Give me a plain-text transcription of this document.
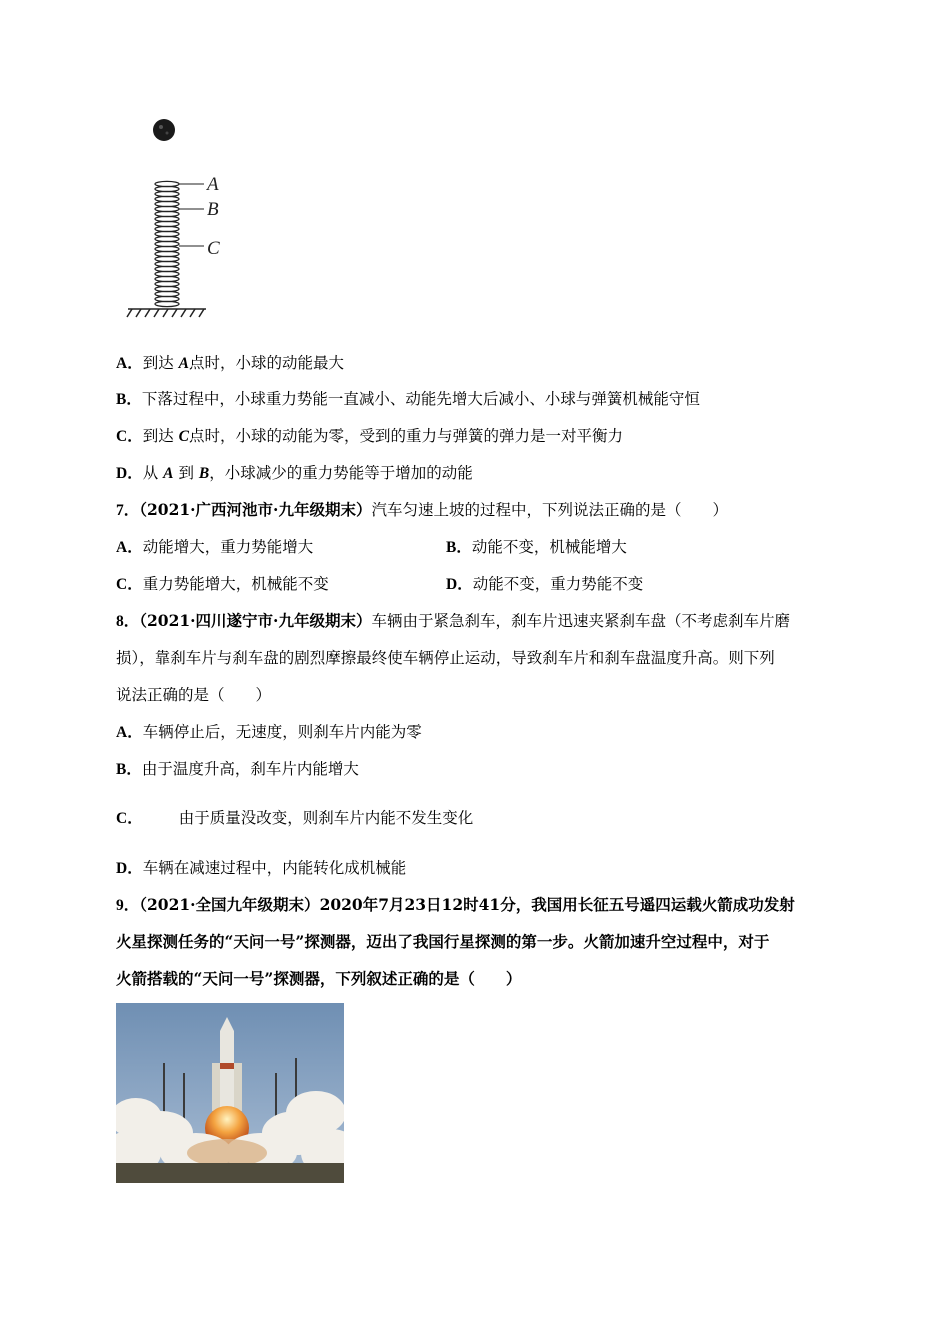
A
B
C
A．到达 A点时，小球的动能最大
B．下落过程中，小球重力势能一直减小、动能先增大后减小、小球与弹簧机械能守恒
C．到达 C点时，小球的动能为零，受到的重力与弹簧的弹力是一对平衡力
D．从 A 到 B，小球减少的重力势能等于增加的动能
7．（2021·广西河池市·九年级期末）汽车匀速上坡的过程中，下列说法正确的是（　　）
A．动能增大，重力势能增大	B．动能不变，机械能增大
C．重力势能增大，机械能不变	D．动能不变，重力势能不变
8．（2021·四川遂宁市·九年级期末）车辆由于紧急刹车，刹车片迅速夹紧刹车盘（不考虑刹车片磨
损），靠刹车片与刹车盘的剧烈摩擦最终使车辆停止运动，导致刹车片和刹车盘温度升高。则下列
说法正确的是（　　）
A．车辆停止后，无速度，则刹车片内能为零
B．由于温度升高，刹车片内能增大
C． 由于质量没改变，则刹车片内能不发生变化
D．车辆在减速过程中，内能转化成机械能
9．（2021·全国九年级期末）2020年7月23日12时41分，我国用长征五号遥四运载火箭成功发射
火星探测任务的“天问一号”探测器，迈出了我国行星探测的第一步。火箭加速升空过程中，对于
火箭搭载的“天问一号”探测器，下列叙述正确的是（　　）
